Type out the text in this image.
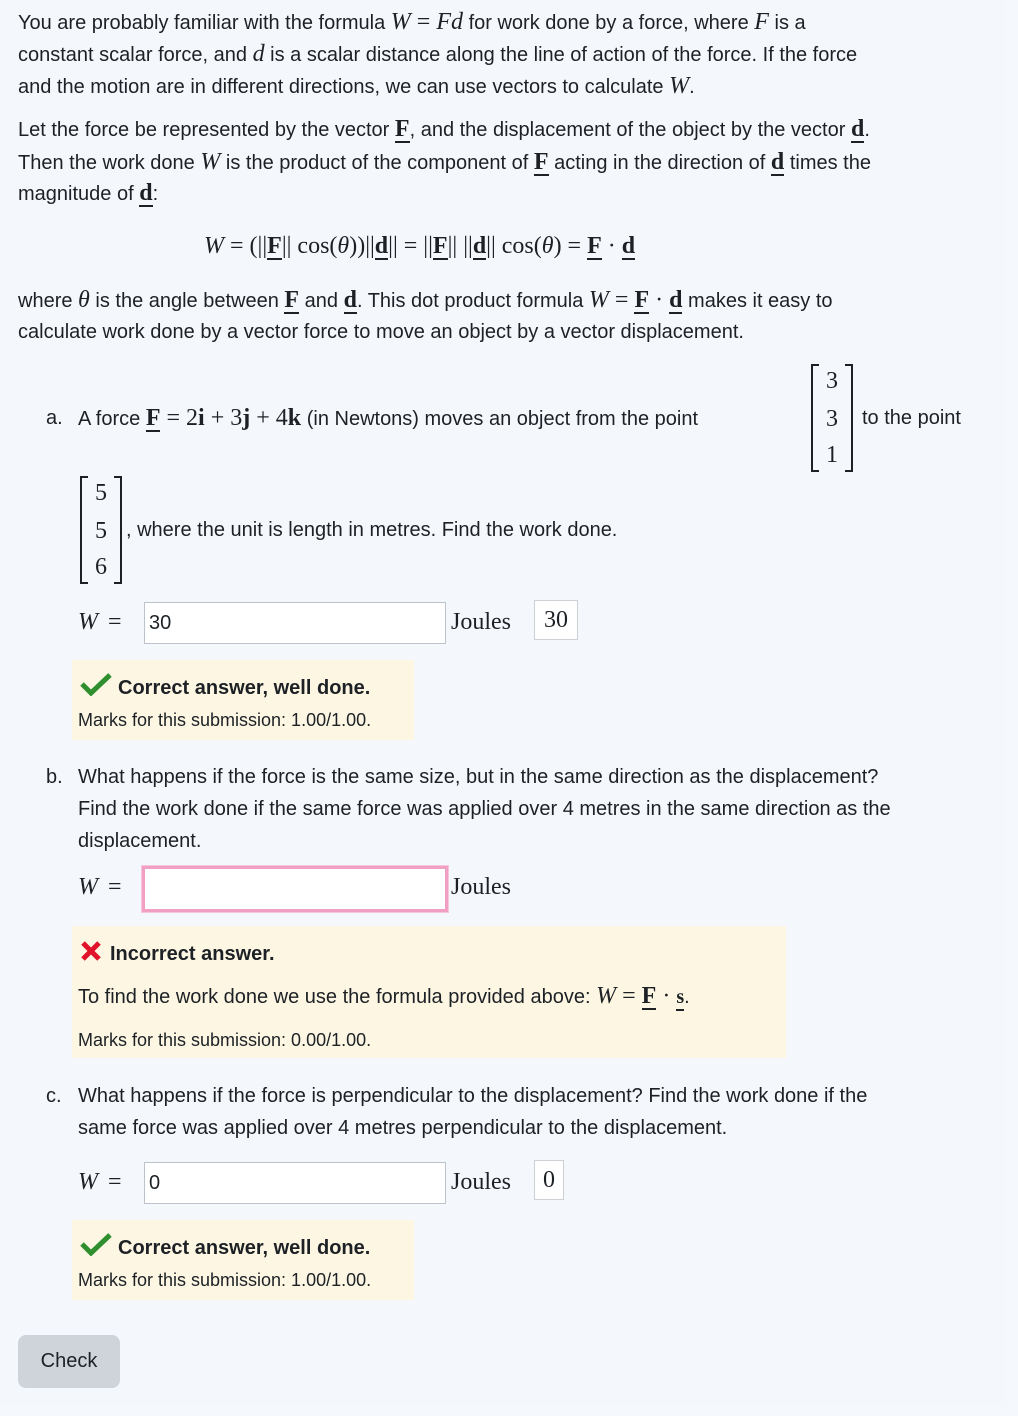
You are probably familiar with the formula W = Fd for work done by a force, where F is a
constant scalar force, and d is a scalar distance along the line of action of the force. If the force
and the motion are in different directions, we can use vectors to calculate W.
Let the force be represented by the vector F, and the displacement of the object by the vector d.
Then the work done W is the product of the component of F acting in the direction of d times the
magnitude of d:
W = (||F|| cos(θ))||d|| = ||F|| ||d|| cos(θ) = F · d
where θ is the angle between F and d. This dot product formula W = F · d makes it easy to
calculate work done by a vector force to move an object by a vector displacement.
a. A force F = 2i + 3j + 4k (in Newtons) moves an object from the point
3
3
1
to the point
5
5
6
, where the unit is length in metres. Find the work done.
W =
30	Joules	30
Correct answer, well done.
Marks for this submission: 1.00/1.00.
b. What happens if the force is the same size, but in the same direction as the displacement?
Find the work done if the same force was applied over 4 metres in the same direction as the
displacement.
W =	Joules
Incorrect answer.
To find the work done we use the formula provided above: W = F · s.
Marks for this submission: 0.00/1.00.
c. What happens if the force is perpendicular to the displacement? Find the work done if the
same force was applied over 4 metres perpendicular to the displacement.
W =
0	Joules	0
Correct answer, well done.
Marks for this submission: 1.00/1.00.
Check
